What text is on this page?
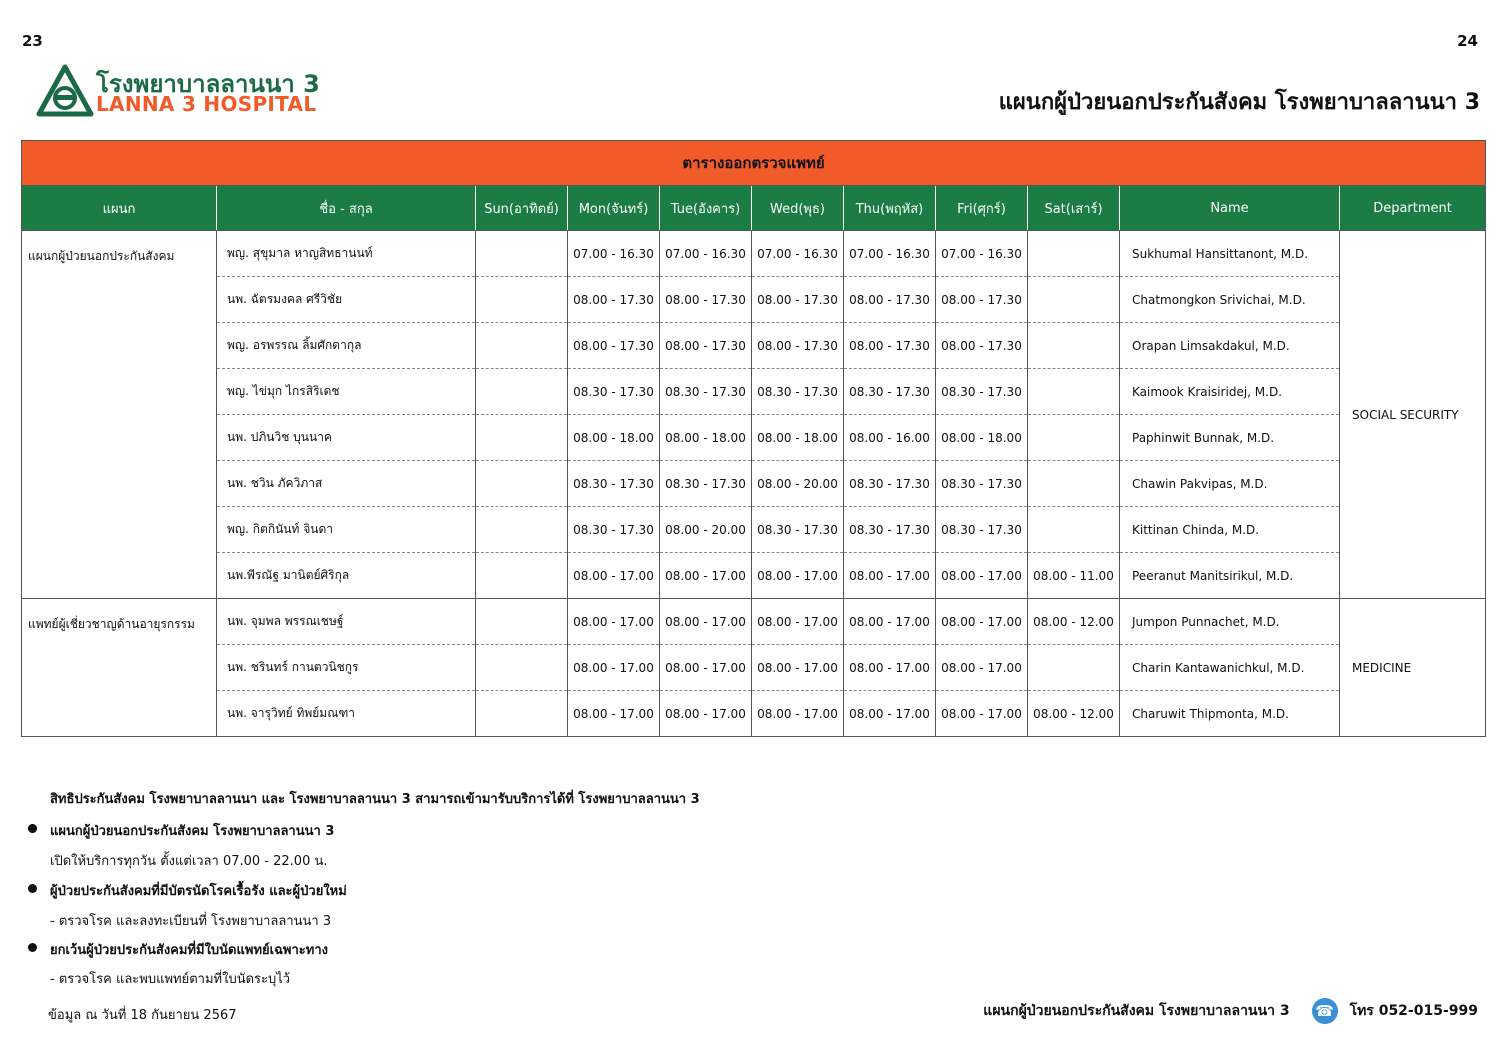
23	24
โรงพยาบาลลานนา 3
LANNA 3 HOSPITAL	แผนกผู้ป่วยนอกประกันสังคม โรงพยาบาลลานนา 3
ตารางออกตรวจแพทย์										
แผนก	ชื่อ - สกุล	Sun(อาทิตย์)	Mon(จันทร์)	Tue(อังคาร)	Wed(พุธ)	Thu(พฤหัส)	Fri(ศุกร์)	Sat(เสาร์)	Name	Department
แผนกผู้ป่วยนอกประกันสังคม	พญ. สุขุมาล หาญสิทธานนท์		07.00 - 16.30	07.00 - 16.30	07.00 - 16.30	07.00 - 16.30	07.00 - 16.30		Sukhumal Hansittanont, M.D.	SOCIAL SECURITY
	นพ. ฉัตรมงคล ศรีวิชัย		08.00 - 17.30	08.00 - 17.30	08.00 - 17.30	08.00 - 17.30	08.00 - 17.30		Chatmongkon Srivichai, M.D.	
	พญ. อรพรรณ ลิ้มศักดากุล		08.00 - 17.30	08.00 - 17.30	08.00 - 17.30	08.00 - 17.30	08.00 - 17.30		Orapan Limsakdakul, M.D.	
	พญ. ไข่มุก ไกรสิริเดช		08.30 - 17.30	08.30 - 17.30	08.30 - 17.30	08.30 - 17.30	08.30 - 17.30		Kaimook Kraisiridej, M.D.	
	นพ. ปภินวิช บุนนาค		08.00 - 18.00	08.00 - 18.00	08.00 - 18.00	08.00 - 16.00	08.00 - 18.00		Paphinwit Bunnak, M.D.	
	นพ. ชวิน ภัควิภาส		08.30 - 17.30	08.30 - 17.30	08.00 - 20.00	08.30 - 17.30	08.30 - 17.30		Chawin Pakvipas, M.D.	
	พญ. กิตกินันท์ จินดา		08.30 - 17.30	08.00 - 20.00	08.30 - 17.30	08.30 - 17.30	08.30 - 17.30		Kittinan Chinda, M.D.	
	นพ.พีรณัฐ มานิตย์ศิริกุล		08.00 - 17.00	08.00 - 17.00	08.00 - 17.00	08.00 - 17.00	08.00 - 17.00	08.00 - 11.00	Peeranut Manitsirikul, M.D.	
แพทย์ผู้เชี่ยวชาญด้านอายุรกรรม	นพ. จุมพล พรรณเชษฐ์		08.00 - 17.00	08.00 - 17.00	08.00 - 17.00	08.00 - 17.00	08.00 - 17.00	08.00 - 12.00	Jumpon Punnachet, M.D.	MEDICINE
	นพ. ชรินทร์ กานตวนิชกูร		08.00 - 17.00	08.00 - 17.00	08.00 - 17.00	08.00 - 17.00	08.00 - 17.00		Charin Kantawanichkul, M.D.	
	นพ. จารุวิทย์ ทิพย์มณฑา		08.00 - 17.00	08.00 - 17.00	08.00 - 17.00	08.00 - 17.00	08.00 - 17.00	08.00 - 12.00	Charuwit Thipmonta, M.D.	
สิทธิประกันสังคม โรงพยาบาลลานนา และ โรงพยาบาลลานนา 3 สามารถเข้ามารับบริการได้ที่ โรงพยาบาลลานนา 3
แผนกผู้ป่วยนอกประกันสังคม โรงพยาบาลลานนา 3
เปิดให้บริการทุกวัน ตั้งแต่เวลา 07.00 - 22.00 น.
ผู้ป่วยประกันสังคมที่มีบัตรนัดโรคเรื้อรัง และผู้ป่วยใหม่
- ตรวจโรค และลงทะเบียนที่ โรงพยาบาลลานนา 3
ยกเว้นผู้ป่วยประกันสังคมที่มีใบนัดแพทย์เฉพาะทาง
- ตรวจโรค และพบแพทย์ตามที่ใบนัดระบุไว้
ข้อมูล ณ วันที่ 18 กันยายน 2567	แผนกผู้ป่วยนอกประกันสังคม โรงพยาบาลลานนา 3 ☎ โทร 052-015-999
